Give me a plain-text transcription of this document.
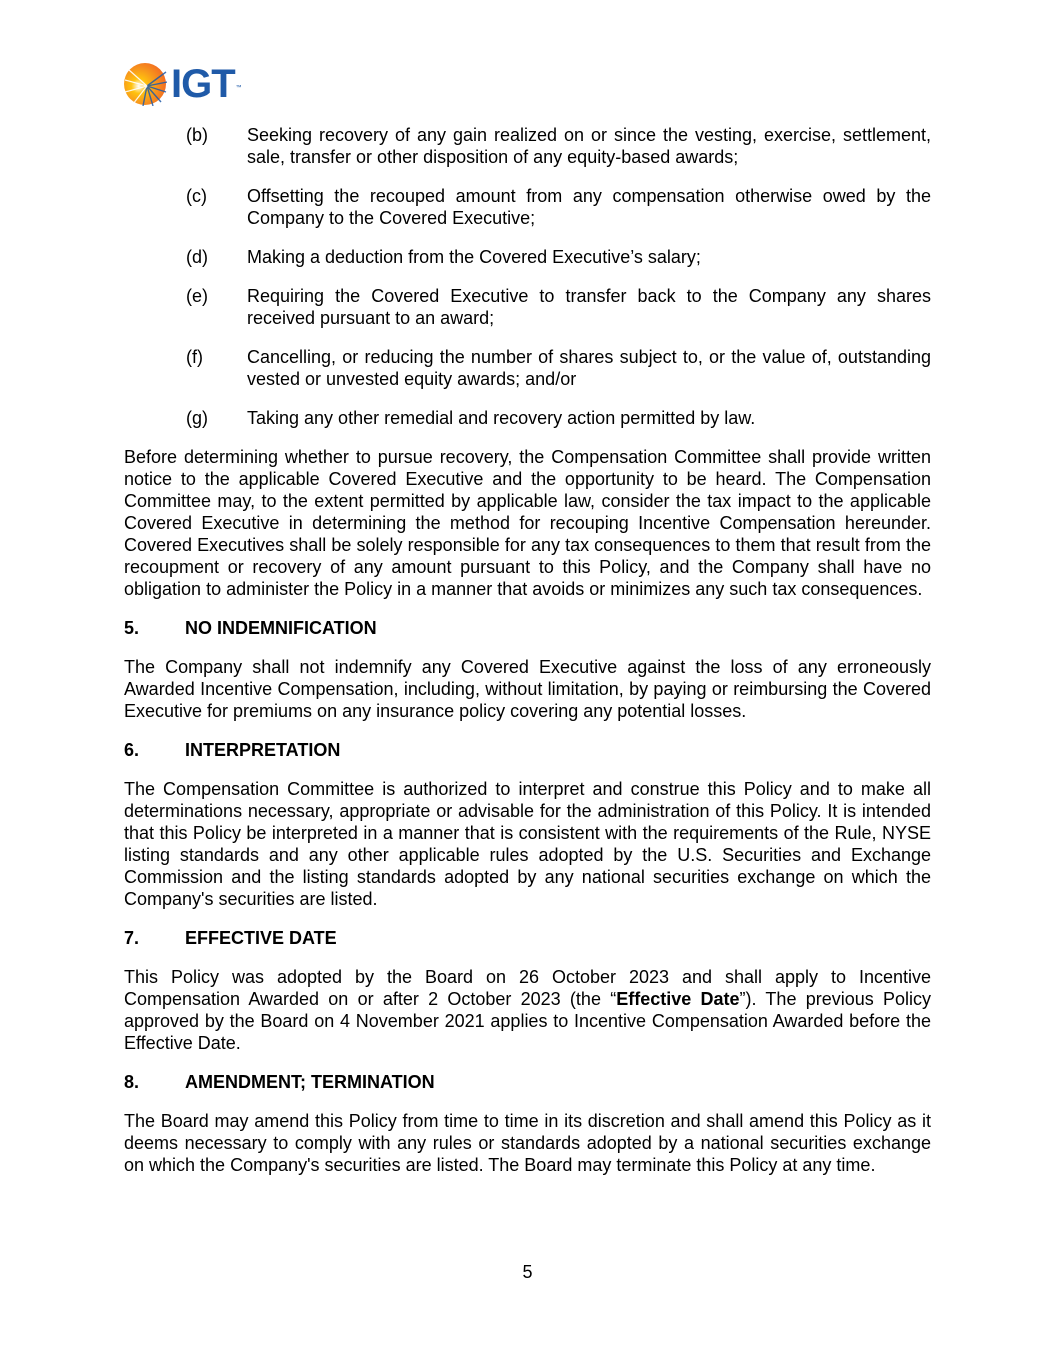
IGT ™
(b)	Seeking recovery of any gain realized on or since the vesting, exercise, settlement, sale, transfer or other disposition of any equity-based awards;
(c)	Offsetting the recouped amount from any compensation otherwise owed by the Company to the Covered Executive;
(d)	Making a deduction from the Covered Executive’s salary;
(e)	Requiring the Covered Executive to transfer back to the Company any shares received pursuant to an award;
(f)	Cancelling, or reducing the number of shares subject to, or the value of, outstanding vested or unvested equity awards; and/or
(g)	Taking any other remedial and recovery action permitted by law.

Before determining whether to pursue recovery, the Compensation Committee shall provide written notice to the applicable Covered Executive and the opportunity to be heard. The Compensation Committee may, to the extent permitted by applicable law, consider the tax impact to the applicable Covered Executive in determining the method for recouping Incentive Compensation hereunder. Covered Executives shall be solely responsible for any tax consequences to them that result from the recoupment or recovery of any amount pursuant to this Policy, and the Company shall have no obligation to administer the Policy in a manner that avoids or minimizes any such tax consequences.

5.	NO INDEMNIFICATION

The Company shall not indemnify any Covered Executive against the loss of any erroneously Awarded Incentive Compensation, including, without limitation, by paying or reimbursing the Covered Executive for premiums on any insurance policy covering any potential losses.

6.	INTERPRETATION

The Compensation Committee is authorized to interpret and construe this Policy and to make all determinations necessary, appropriate or advisable for the administration of this Policy. It is intended that this Policy be interpreted in a manner that is consistent with the requirements of the Rule, NYSE listing standards and any other applicable rules adopted by the U.S. Securities and Exchange Commission and the listing standards adopted by any national securities exchange on which the Company's securities are listed.

7.	EFFECTIVE DATE

This Policy was adopted by the Board on 26 October 2023 and shall apply to Incentive Compensation Awarded on or after 2 October 2023 (the “Effective Date”). The previous Policy approved by the Board on 4 November 2021 applies to Incentive Compensation Awarded before the Effective Date.

8.	AMENDMENT; TERMINATION

The Board may amend this Policy from time to time in its discretion and shall amend this Policy as it deems necessary to comply with any rules or standards adopted by a national securities exchange on which the Company's securities are listed. The Board may terminate this Policy at any time.

5
